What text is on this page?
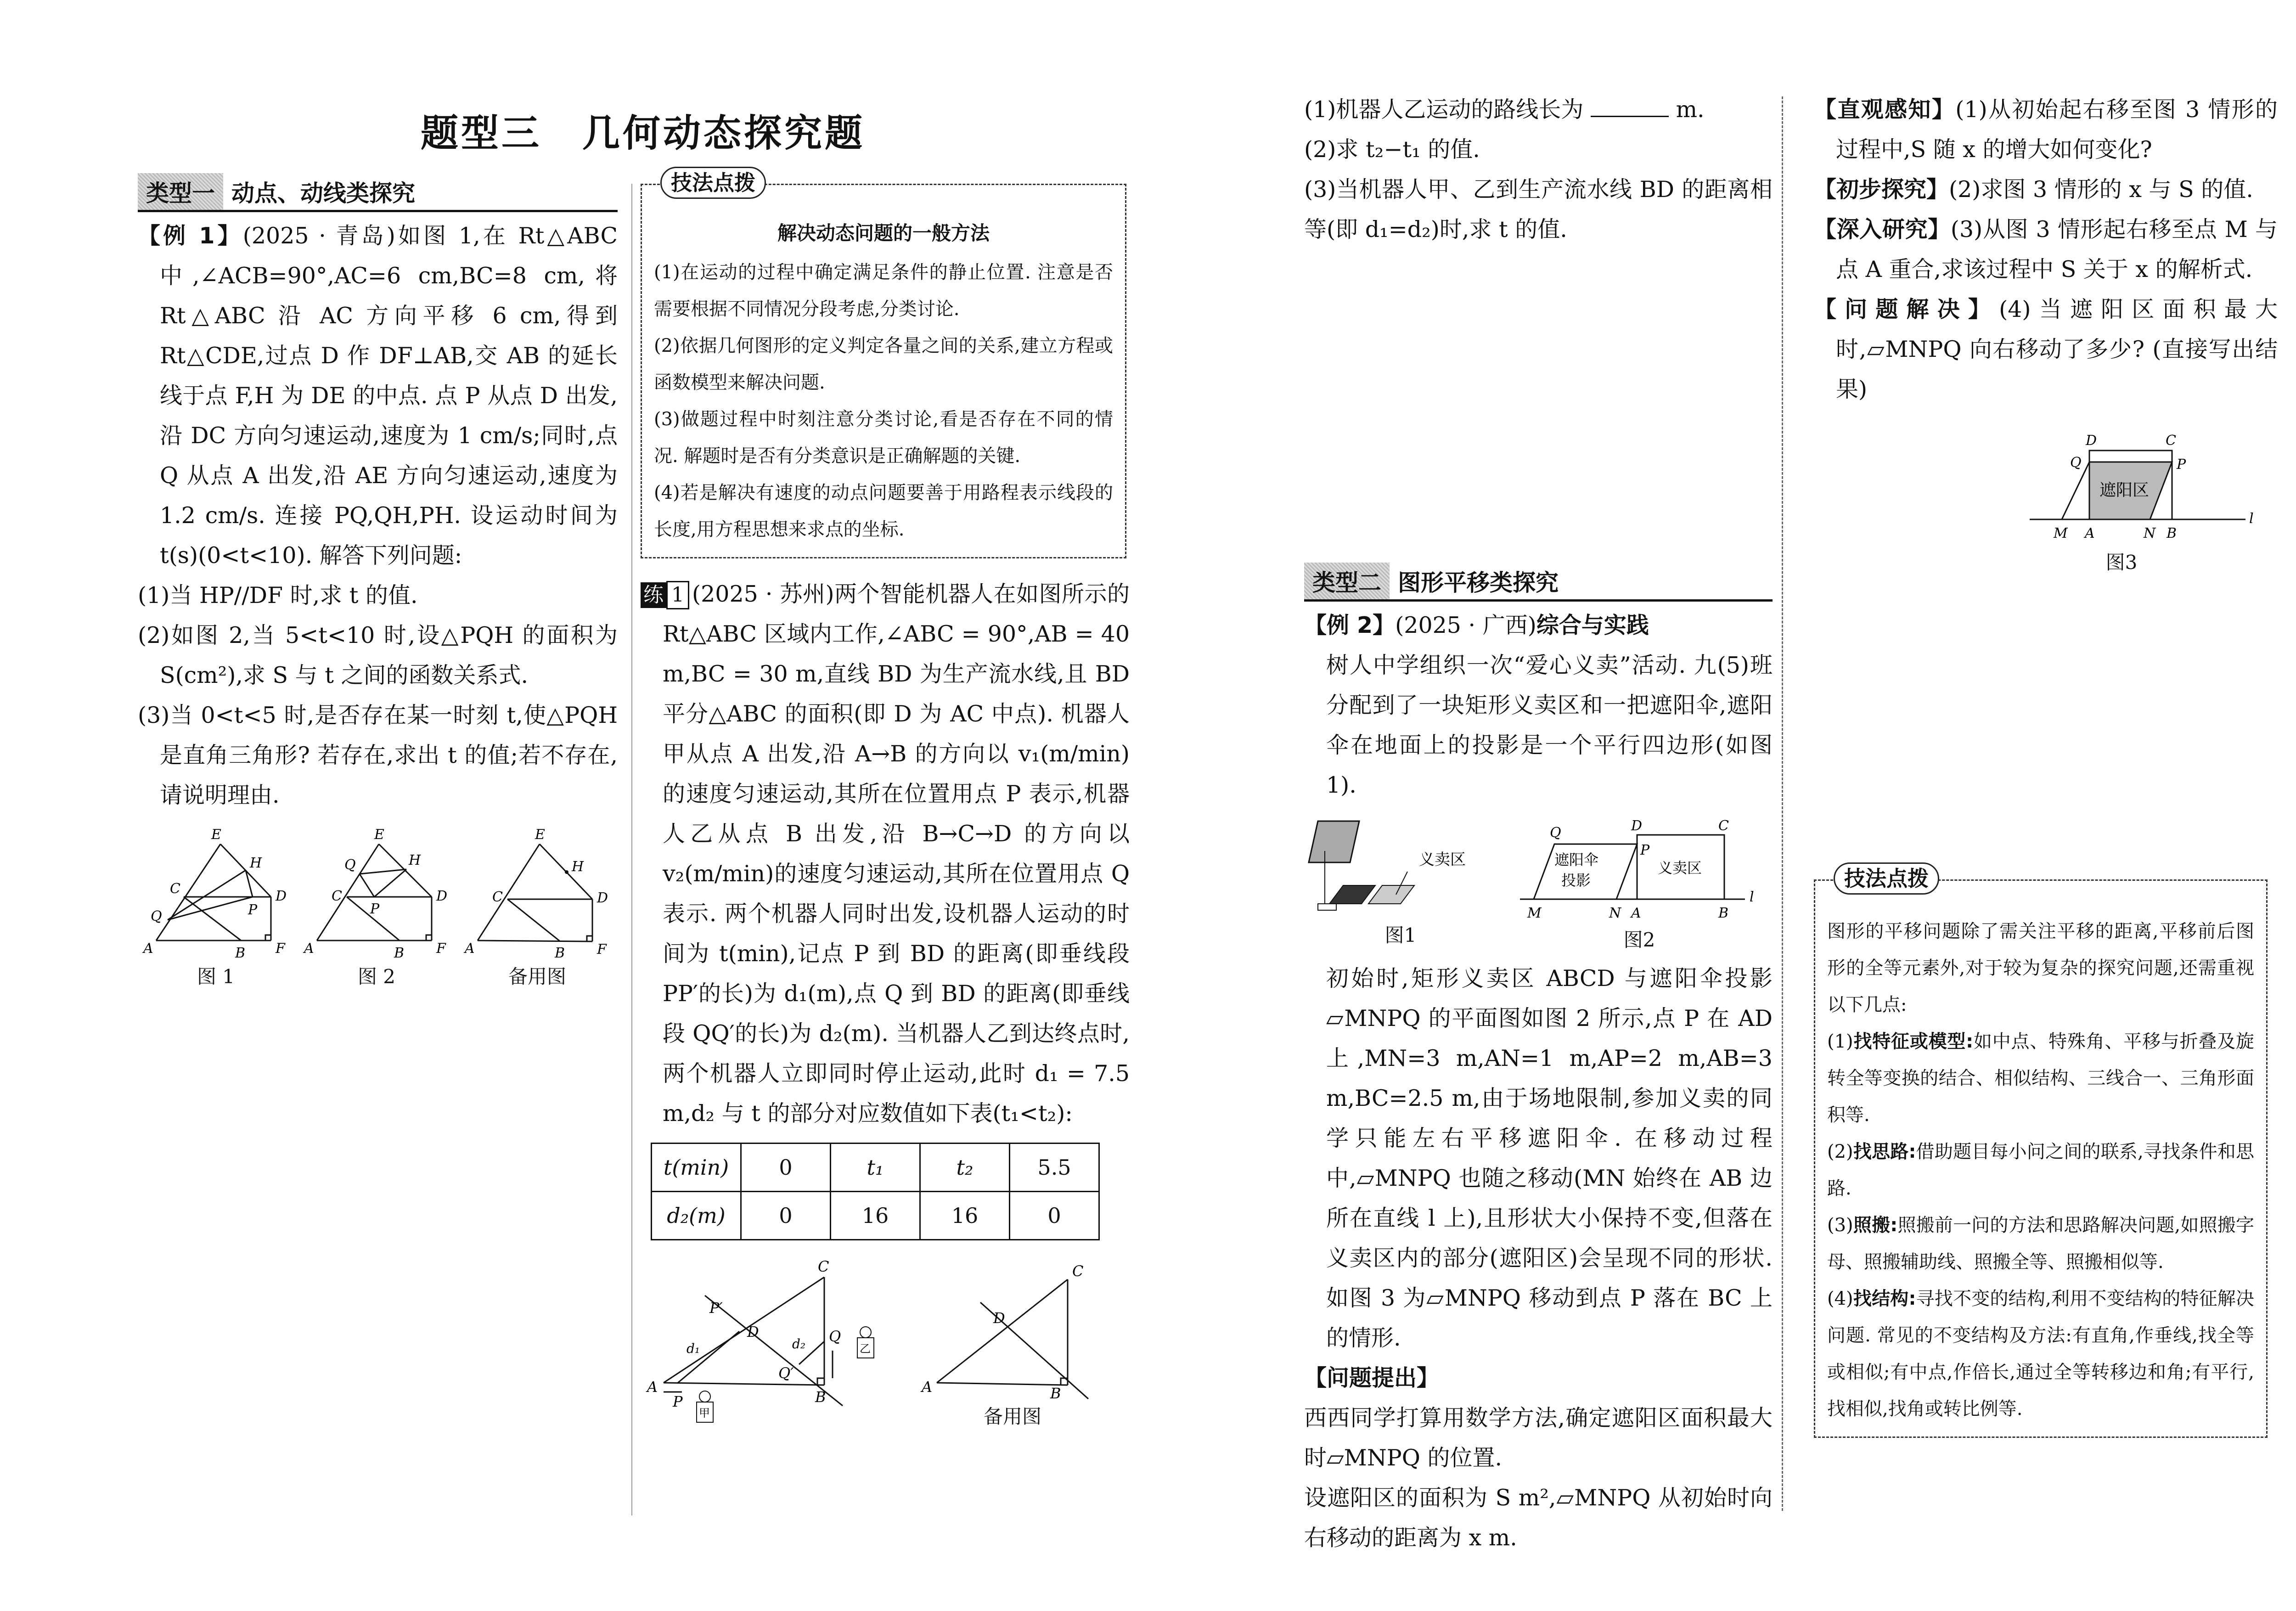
题型三　几何动态探究题
类型一 动点、动线类探究

【例 1】(2025 · 青岛)如图 1,在 Rt△ABC 中,∠ACB=90°,AC=6 cm,BC=8 cm,将 Rt△ABC 沿 AC 方向平移 6 cm,得到 Rt△CDE,过点 D 作 DF⊥AB,交 AB 的延长线于点 F,H 为 DE 的中点. 点 P 从点 D 出发,沿 DC 方向匀速运动,速度为 1 cm/s;同时,点 Q 从点 A 出发,沿 AE 方向匀速运动,速度为 1.2 cm/s. 连接 PQ,QH,PH. 设运动时间为 t(s)(0<t<10). 解答下列问题:

(1)当 HP//DF 时,求 t 的值.

(2)如图 2,当 5<t<10 时,设△PQH 的面积为 S(cm²),求 S 与 t 之间的函数关系式.

(3)当 0<t<5 时,是否存在某一时刻 t,使△PQH 是直角三角形? 若存在,求出 t 的值;若不存在,请说明理由.

E
H
C	D
P
Q
A	B F
图 1
E
H
Q
C	D
P
A	B F
图 2
E
H
C	D
A	B F
备用图
技法点拨

解决动态问题的一般方法

(1)在运动的过程中确定满足条件的静止位置. 注意是否需要根据不同情况分段考虑,分类讨论.

(2)依据几何图形的定义判定各量之间的关系,建立方程或函数模型来解决问题.

(3)做题过程中时刻注意分类讨论,看是否存在不同的情况. 解题时是否有分类意识是正确解题的关键.

(4)若是解决有速度的动点问题要善于用路程表示线段的长度,用方程思想来求点的坐标.

练 1 (2025 · 苏州)两个智能机器人在如图所示的 Rt△ABC 区域内工作,∠ABC = 90°,AB = 40 m,BC = 30 m,直线 BD 为生产流水线,且 BD 平分△ABC 的面积(即 D 为 AC 中点). 机器人甲从点 A 出发,沿 A→B 的方向以 v₁(m/min)的速度匀速运动,其所在位置用点 P 表示,机器人乙从点 B 出发,沿 B→C→D 的方向以 v₂(m/min)的速度匀速运动,其所在位置用点 Q 表示. 两个机器人同时出发,设机器人运动的时间为 t(min),记点 P 到 BD 的距离(即垂线段 PP′的长)为 d₁(m),点 Q 到 BD 的距离(即垂线段 QQ′的长)为 d₂(m). 当机器人乙到达终点时,两个机器人立即同时停止运动,此时 d₁ = 7.5 m,d₂ 与 t 的部分对应数值如下表(t₁<t₂):

t(min)	0	t₁	t₂	5.5
d₂(m)	0	16	16	0
C
P′
D
d₁	d₂ Q
Q′
A
P	B
甲
乙
C
D
A	B
备用图

(1)机器人乙运动的路线长为	m.

(2)求 t₂−t₁ 的值.

(3)当机器人甲、乙到生产流水线 BD 的距离相等(即 d₁=d₂)时,求 t 的值.

类型二 图形平移类探究

【例 2】(2025 · 广西)综合与实践

树人中学组织一次“爱心义卖”活动. 九(5)班分配到了一块矩形义卖区和一把遮阳伞,遮阳伞在地面上的投影是一个平行四边形(如图 1).

义卖区
图1
遮阳伞
投影
义卖区
Q	D	C
P
M	N A	B
l
图2

初始时,矩形义卖区 ABCD 与遮阳伞投影▱MNPQ 的平面图如图 2 所示,点 P 在 AD 上,MN=3 m,AN=1 m,AP=2 m,AB=3 m,BC=2.5 m,由于场地限制,参加义卖的同学只能左右平移遮阳伞. 在移动过程中,▱MNPQ 也随之移动(MN 始终在 AB 边所在直线 l 上),且形状大小保持不变,但落在义卖区内的部分(遮阳区)会呈现不同的形状. 如图 3 为▱MNPQ 移动到点 P 落在 BC 上的情形.

【问题提出】

西西同学打算用数学方法,确定遮阳区面积最大时▱MNPQ 的位置.

设遮阳区的面积为 S m²,▱MNPQ 从初始时向右移动的距离为 x m.

【直观感知】(1)从初始起右移至图 3 情形的过程中,S 随 x 的增大如何变化?

【初步探究】(2)求图 3 情形的 x 与 S 的值.

【深入研究】(3)从图 3 情形起右移至点 M 与点 A 重合,求该过程中 S 关于 x 的解析式.

【问题解决】(4)当遮阳区面积最大时,▱MNPQ 向右移动了多少? (直接写出结果)

遮阳区
D	C
Q	P
M A	N B
l
图3
技法点拨

图形的平移问题除了需关注平移的距离,平移前后图形的全等元素外,对于较为复杂的探究问题,还需重视以下几点:

(1)找特征或模型:如中点、特殊角、平移与折叠及旋转全等变换的结合、相似结构、三线合一、三角形面积等.

(2)找思路:借助题目每小问之间的联系,寻找条件和思路.

(3)照搬:照搬前一问的方法和思路解决问题,如照搬字母、照搬辅助线、照搬全等、照搬相似等.

(4)找结构:寻找不变的结构,利用不变结构的特征解决问题. 常见的不变结构及方法:有直角,作垂线,找全等或相似;有中点,作倍长,通过全等转移边和角;有平行,找相似,找角或转比例等.
